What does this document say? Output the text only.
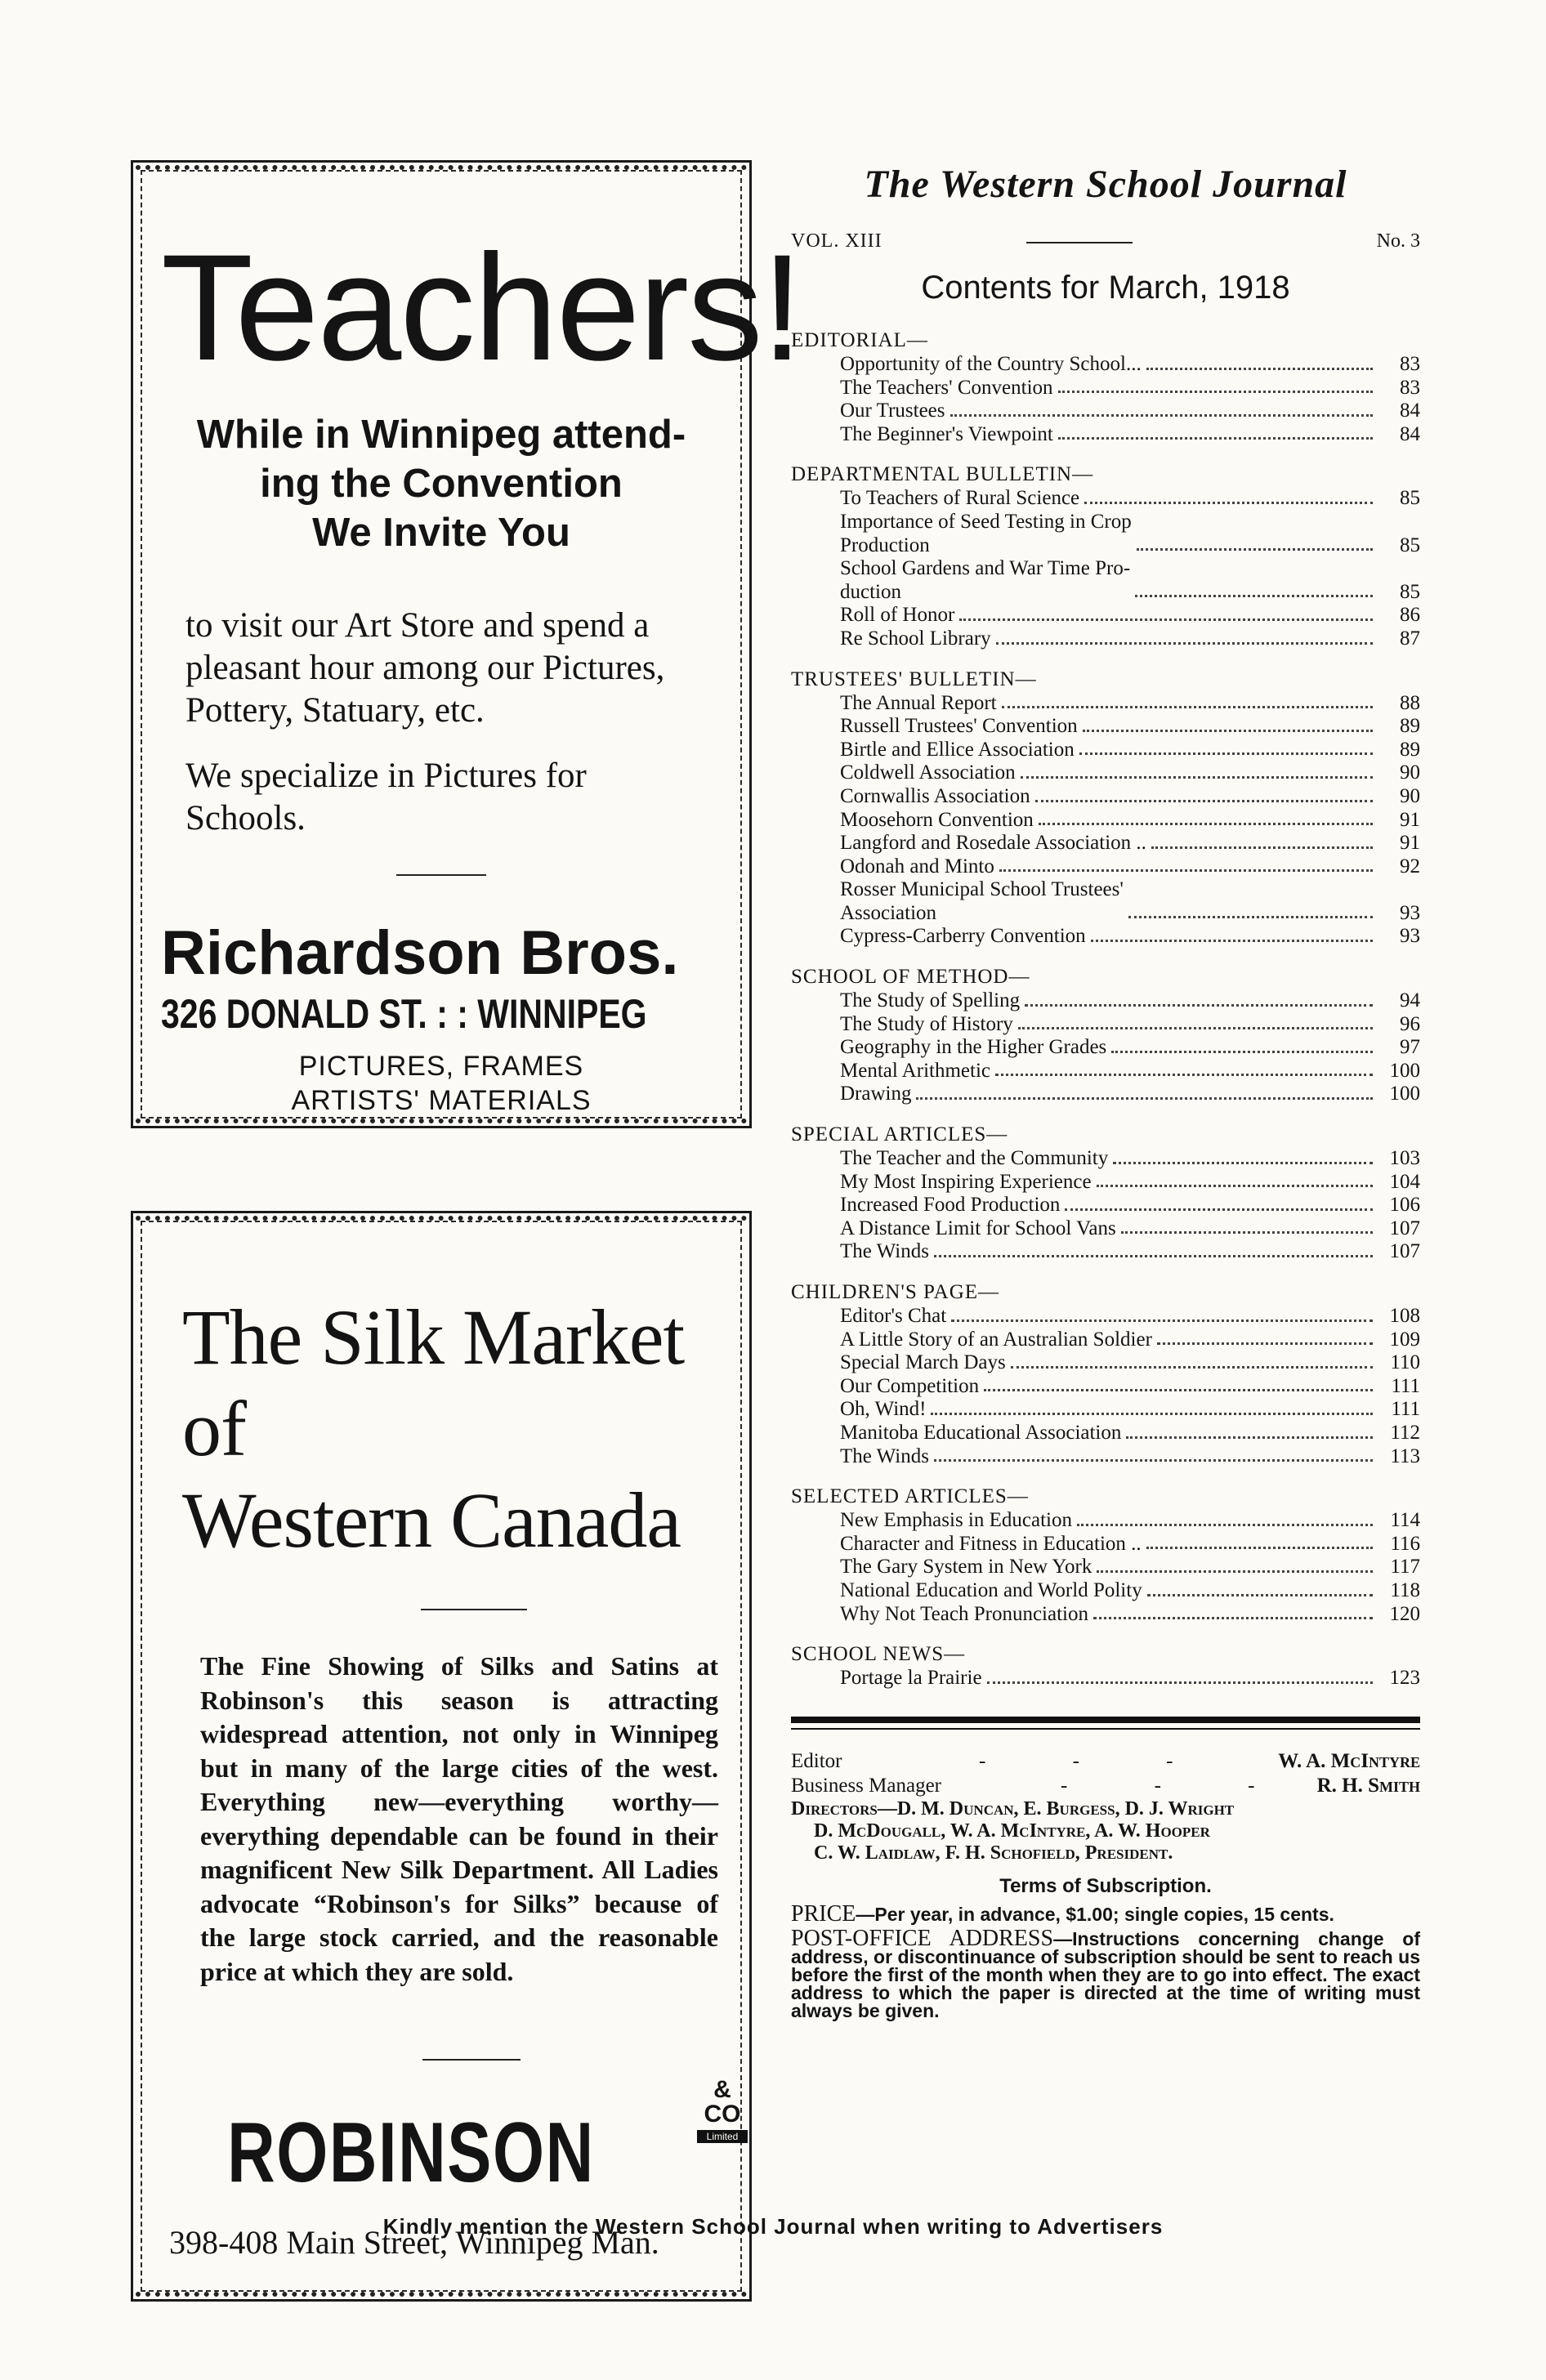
Teachers!
While in Winnipeg attend-
ing the Convention
We Invite You

to visit our Art Store and spend a pleasant hour among our Pictures, Pottery, Statuary, etc.

We specialize in Pictures for Schools.

Richardson Bros.
326 DONALD ST. : : WINNIPEG
PICTURES, FRAMES
ARTISTS' MATERIALS
The Silk Market of
Western Canada
The Fine Showing of Silks and Satins at Robinson's this season is attracting widespread attention, not only in Winnipeg but in many of the large cities of the west. Everything new—everything worthy—everything dependable can be found in their magnificent New Silk Department. All Ladies advocate “Robinson's for Silks” because of the large stock carried, and the reasonable price at which they are sold.
ROBINSON
& CO
Limited
398-408 Main Street, Winnipeg Man.
The Western School Journal
VOL. XIII	No. 3
Contents for March, 1918
EDITORIAL—
Opportunity of the Country School...	83
The Teachers' Convention	83
Our Trustees	84
The Beginner's Viewpoint	84
DEPARTMENTAL BULLETIN—
To Teachers of Rural Science	85
Importance of Seed Testing in Crop
Production	85
School Gardens and War Time Pro-
duction	85
Roll of Honor	86
Re School Library	87
TRUSTEES' BULLETIN—
The Annual Report	88
Russell Trustees' Convention	89
Birtle and Ellice Association	89
Coldwell Association	90
Cornwallis Association	90
Moosehorn Convention	91
Langford and Rosedale Association ..	91
Odonah and Minto	92
Rosser Municipal School Trustees'
Association	93
Cypress-Carberry Convention	93
SCHOOL OF METHOD—
The Study of Spelling	94
The Study of History	96
Geography in the Higher Grades	97
Mental Arithmetic	100
Drawing	100
SPECIAL ARTICLES—
The Teacher and the Community	103
My Most Inspiring Experience	104
Increased Food Production	106
A Distance Limit for School Vans	107
The Winds	107
CHILDREN'S PAGE—
Editor's Chat	108
A Little Story of an Australian Soldier	109
Special March Days	110
Our Competition	111
Oh, Wind!	111
Manitoba Educational Association	112
The Winds	113
SELECTED ARTICLES—
New Emphasis in Education	114
Character and Fitness in Education ..	116
The Gary System in New York	117
National Education and World Polity	118
Why Not Teach Pronunciation	120
SCHOOL NEWS—
Portage la Prairie	123
Editor	- - -	W. A. McIntyre
Business Manager	- - - R. H. Smith
Directors—D. M. Duncan, E. Burgess, D. J. Wright
D. McDougall, W. A. McIntyre, A. W. Hooper
C. W. Laidlaw, F. H. Schofield, President.
Terms of Subscription.
PRICE—Per year, in advance, $1.00; single copies, 15 cents.
POST-OFFICE ADDRESS—Instructions concerning change of address, or discontinuance of subscription should be sent to reach us before the first of the month when they are to go into effect. The exact address to which the paper is directed at the time of writing must always be given.
Kindly mention the Western School Journal when writing to Advertisers
